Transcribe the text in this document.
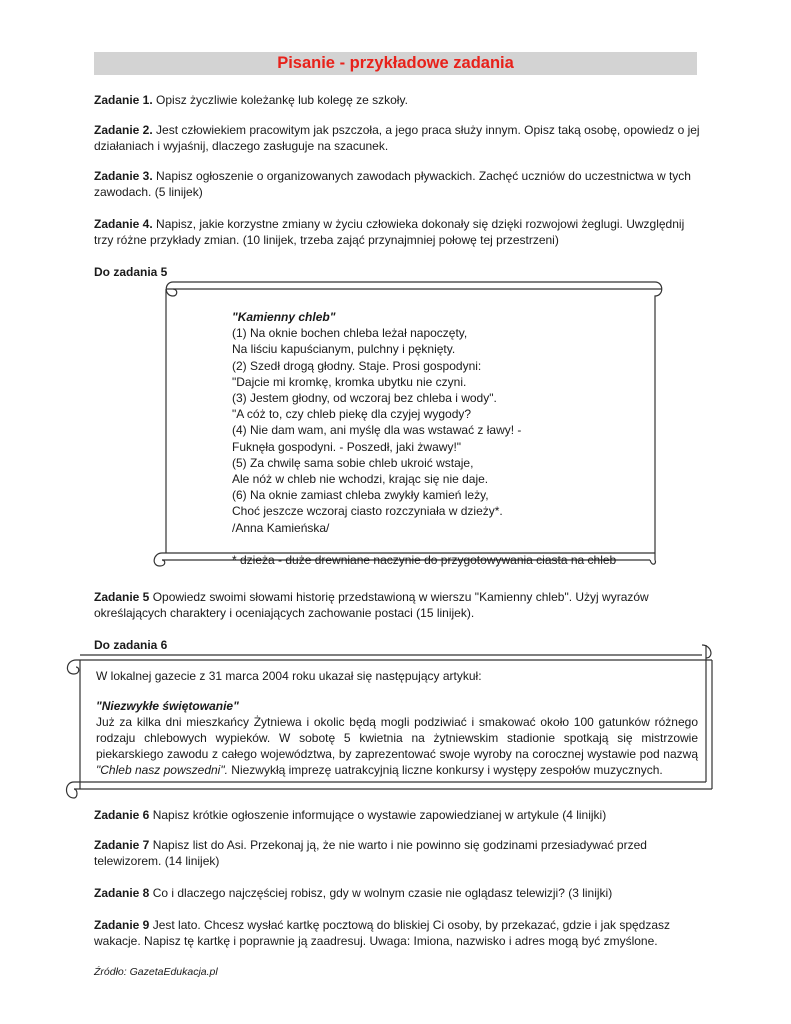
Pisanie - przykładowe zadania
Zadanie 1. Opisz życzliwie koleżankę lub kolegę ze szkoły.
Zadanie 2. Jest człowiekiem pracowitym jak pszczoła, a jego praca służy innym. Opisz taką osobę, opowiedz o jej działaniach i wyjaśnij, dlaczego zasługuje na szacunek.
Zadanie 3. Napisz ogłoszenie o organizowanych zawodach pływackich. Zachęć uczniów do uczestnictwa w tych zawodach. (5 linijek)
Zadanie 4. Napisz, jakie korzystne zmiany w życiu człowieka dokonały się dzięki rozwojowi żeglugi. Uwzględnij trzy różne przykłady zmian. (10 linijek, trzeba zająć przynajmniej połowę tej przestrzeni)
Do zadania 5
"Kamienny chleb"
(1) Na oknie bochen chleba leżał napoczęty,
Na liściu kapuścianym, pulchny i pęknięty.
(2) Szedł drogą głodny. Staje. Prosi gospodyni:
"Dajcie mi kromkę, kromka ubytku nie czyni.
(3) Jestem głodny, od wczoraj bez chleba i wody".
"A cóż to, czy chleb piekę dla czyjej wygody?
(4) Nie dam wam, ani myślę dla was wstawać z ławy! -
Fuknęła gospodyni. - Poszedł, jaki żwawy!"
(5) Za chwilę sama sobie chleb ukroić wstaje,
Ale nóż w chleb nie wchodzi, krając się nie daje.
(6) Na oknie zamiast chleba zwykły kamień leży,
Choć jeszcze wczoraj ciasto rozczyniała w dzieży*.
/Anna Kamieńska/
* dzieża - duże drewniane naczynie do przygotowywania ciasta na chleb
Zadanie 5 Opowiedz swoimi słowami historię przedstawioną w wierszu "Kamienny chleb". Użyj wyrazów określających charaktery i oceniających zachowanie postaci (15 linijek).
Do zadania 6
W lokalnej gazecie z 31 marca 2004 roku ukazał się następujący artykuł:
"Niezwykłe świętowanie"
Już za kilka dni mieszkańcy Żytniewa i okolic będą mogli podziwiać i smakować około 100 gatunków różnego rodzaju chlebowych wypieków. W sobotę 5 kwietnia na żytniewskim stadionie spotkają się mistrzowie piekarskiego zawodu z całego województwa, by zaprezentować swoje wyroby na corocznej wystawie pod nazwą "Chleb nasz powszedni". Niezwykłą imprezę uatrakcyjnią liczne konkursy i występy zespołów muzycznych.
Zadanie 6 Napisz krótkie ogłoszenie informujące o wystawie zapowiedzianej w artykule (4 linijki)
Zadanie 7 Napisz list do Asi. Przekonaj ją, że nie warto i nie powinno się godzinami przesiadywać przed telewizorem. (14 linijek)
Zadanie 8 Co i dlaczego najczęściej robisz, gdy w wolnym czasie nie oglądasz telewizji? (3 linijki)
Zadanie 9 Jest lato. Chcesz wysłać kartkę pocztową do bliskiej Ci osoby, by przekazać, gdzie i jak spędzasz wakacje. Napisz tę kartkę i poprawnie ją zaadresuj. Uwaga: Imiona, nazwisko i adres mogą być zmyślone.
Źródło: GazetaEdukacja.pl
